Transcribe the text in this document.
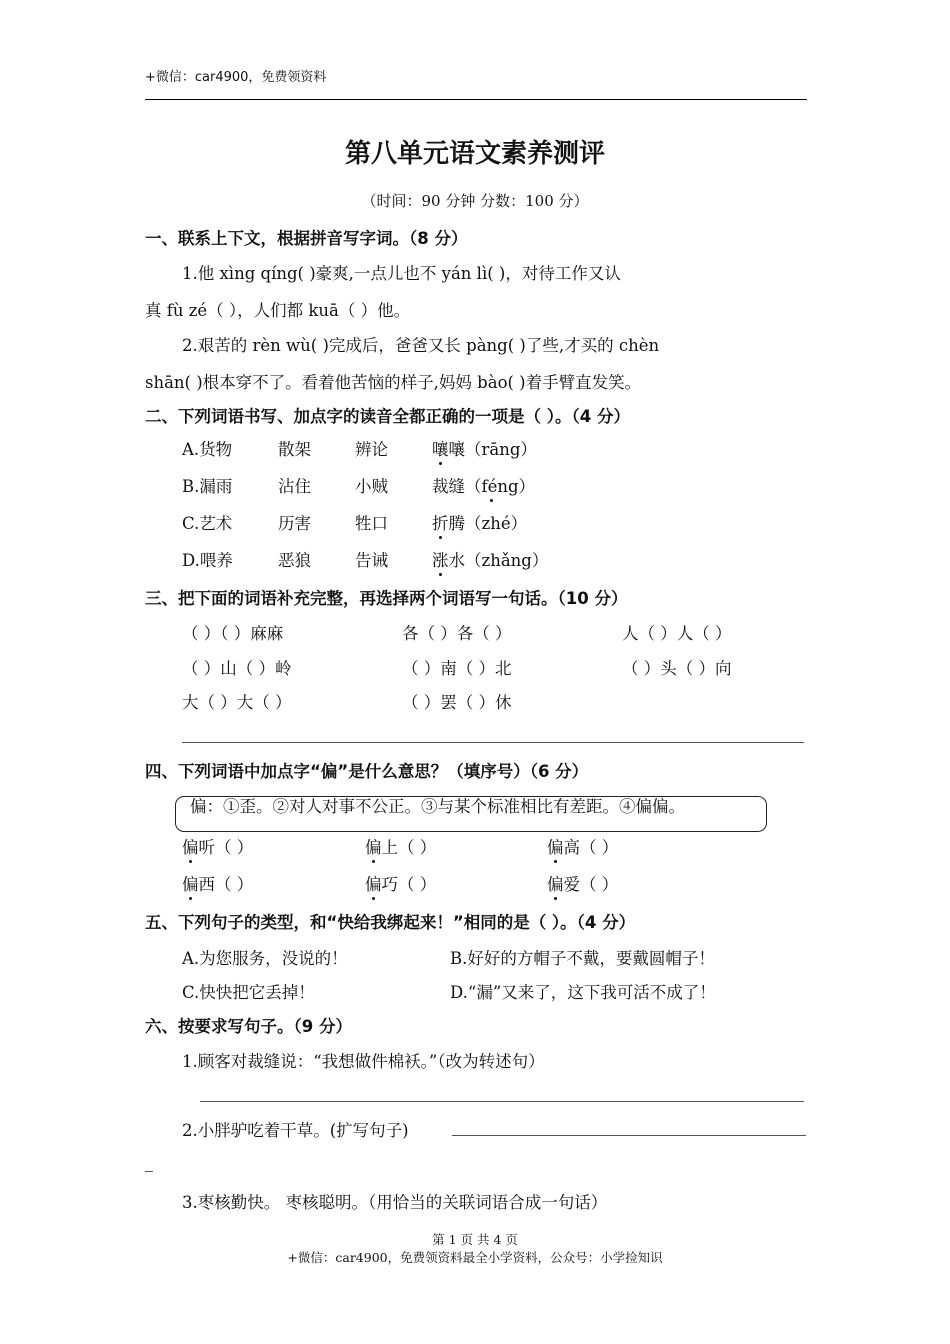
+微信：car4900，免费领资料
第八单元语文素养测评
（时间：90 分钟 分数：100 分）
一、联系上下文，根据拼音写字词。（8 分）
1.他 xìng qíng( )豪爽,一点儿也不 yán lì( )，对待工作又认
真 fù zé（ ），人们都 kuā（ ）他。
2.艰苦的 rèn wù( )完成后，爸爸又长 pàng( )了些,才买的 chèn
shān( )根本穿不了。看着他苦恼的样子,妈妈 bào( )着手臂直发笑。
二、下列词语书写、加点字的读音全都正确的一项是（ ）。（4 分）
A.货物	散架	辨论	嚷嚷（rāng）
B.漏雨	沾住	小贼	裁缝（féng）
C.艺术	历害	牲口	折腾（zhé）
D.喂养	恶狼	告诫	涨水（zhǎng）
三、把下面的词语补充完整，再选择两个词语写一句话。（10 分）
（ ）（ ）麻麻	各（ ）各（ ）	人（ ）人（ ）
（ ）山（ ）岭	（ ）南（ ）北	（ ）头（ ）向
大（ ）大（ ）	（ ）罢（ ）休
四、下列词语中加点字“偏”是什么意思？（填序号）（6 分）
偏：①歪。②对人对事不公正。③与某个标准相比有差距。④偏偏。
偏听（ ）	偏上（ ）	偏高（ ）
偏西（ ）	偏巧（ ）	偏爱（ ）
五、下列句子的类型，和“快给我绑起来！”相同的是（ ）。（4 分）
A.为您服务，没说的！	B.好好的方帽子不戴，要戴圆帽子！
C.快快把它丢掉！	D.“漏”又来了，这下我可活不成了！
六、按要求写句子。（9 分）
1.顾客对裁缝说：“我想做件棉袄。”（改为转述句）
2.小胖驴吃着干草。(扩写句子)
3.枣核勤快。 枣核聪明。（用恰当的关联词语合成一句话）
第 1 页 共 4 页
+微信：car4900，免费领资料最全小学资料，公众号：小学捡知识
